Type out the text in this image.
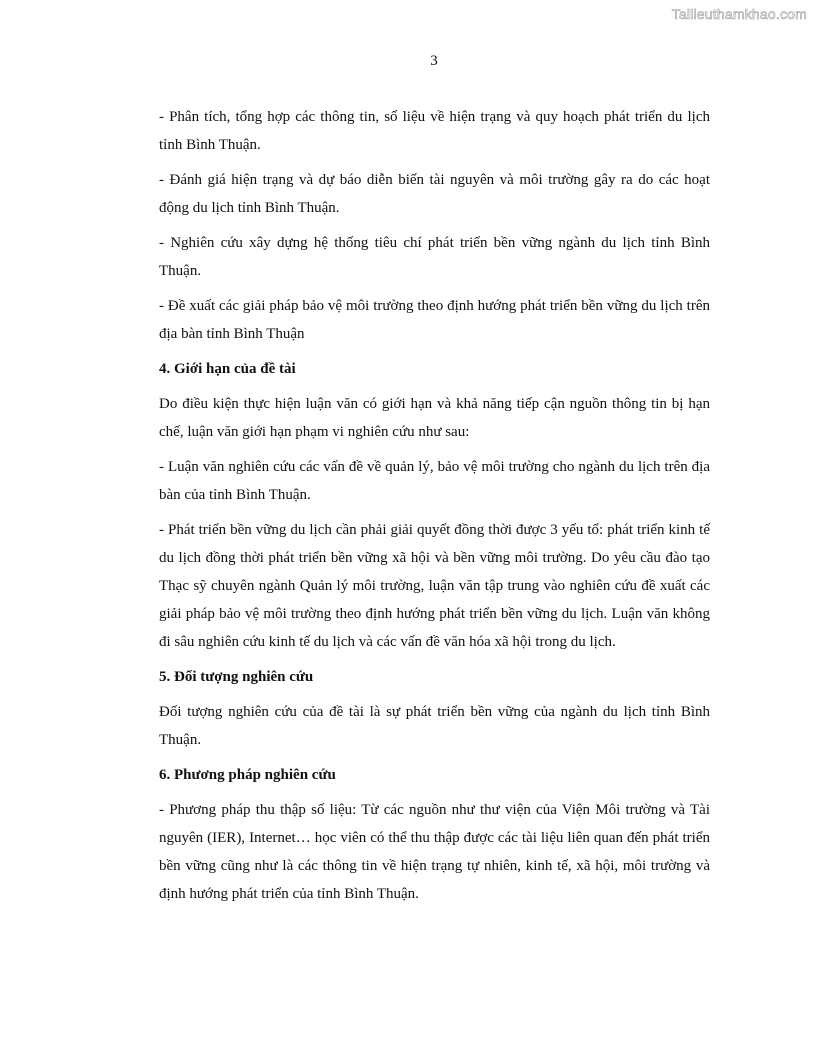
Tailieuthamkhao.com
3

- Phân tích, tổng hợp các thông tin, số liệu về hiện trạng và quy hoạch phát triển du lịch tỉnh Bình Thuận.

- Đánh giá hiện trạng và dự báo diễn biến tài nguyên và môi trường gây ra do các hoạt động du lịch tỉnh Bình Thuận.

- Nghiên cứu xây dựng hệ thống tiêu chí phát triển bền vững ngành du lịch tỉnh Bình Thuận.

- Đề xuất các giải pháp bảo vệ môi trường theo định hướng phát triển bền vững du lịch trên địa bàn tỉnh Bình Thuận

4. Giới hạn của đề tài

Do điều kiện thực hiện luận văn có giới hạn và khả năng tiếp cận nguồn thông tin bị hạn chế, luận văn giới hạn phạm vi nghiên cứu như sau:

- Luận văn nghiên cứu các vấn đề về quản lý, bảo vệ môi trường cho ngành du lịch trên địa bàn của tỉnh Bình Thuận.

- Phát triển bền vững du lịch cần phải giải quyết đồng thời được 3 yếu tố: phát triển kinh tế du lịch đồng thời phát triển bền vững xã hội và bền vững môi trường. Do yêu cầu đào tạo Thạc sỹ chuyên ngành Quản lý môi trường, luận văn tập trung vào nghiên cứu đề xuất các giải pháp bảo vệ môi trường theo định hướng phát triển bền vững du lịch. Luận văn không đi sâu nghiên cứu kinh tế du lịch và các vấn đề văn hóa xã hội trong du lịch.

5. Đối tượng nghiên cứu

Đối tượng nghiên cứu của đề tài là sự phát triển bền vững của ngành du lịch tỉnh Bình Thuận.

6. Phương pháp nghiên cứu

- Phương pháp thu thập số liệu: Từ các nguồn như thư viện của Viện Môi trường và Tài nguyên (IER), Internet… học viên có thể thu thập được các tài liệu liên quan đến phát triển bền vững cũng như là các thông tin về hiện trạng tự nhiên, kinh tế, xã hội, môi trường và định hướng phát triển của tỉnh Bình Thuận.
